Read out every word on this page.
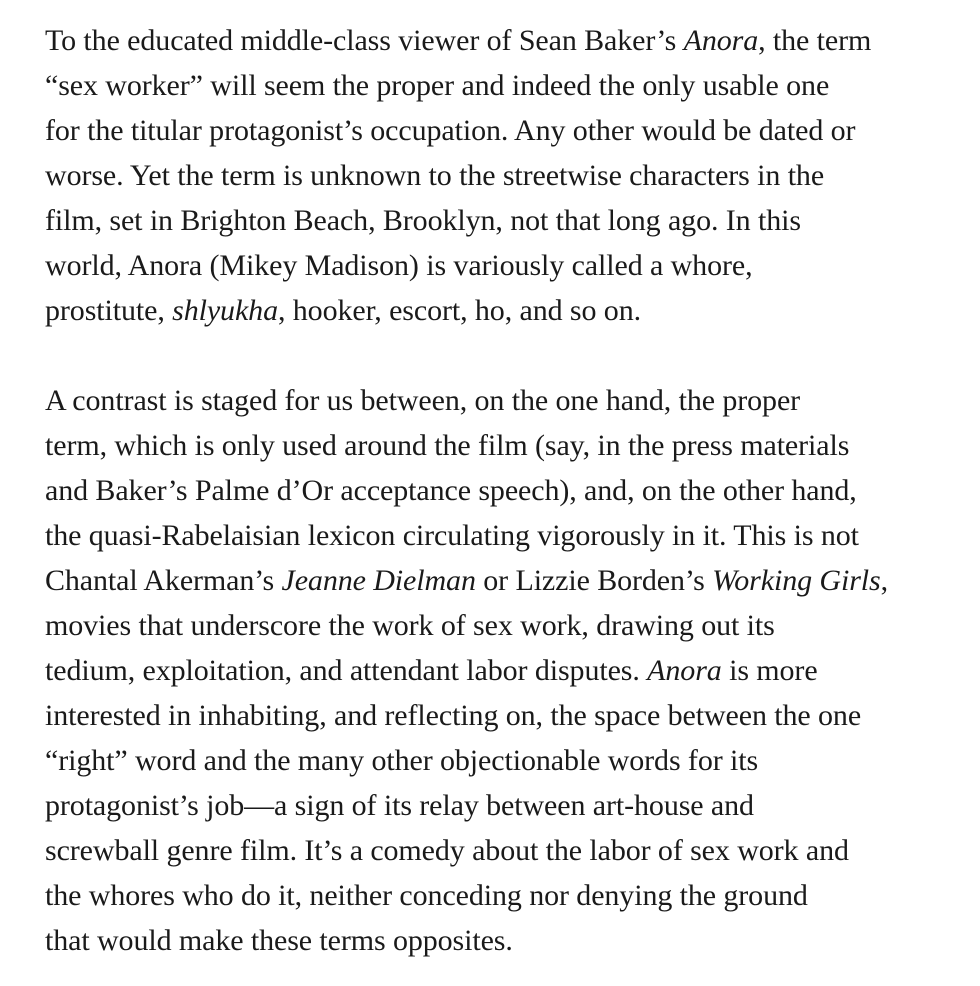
To the educated middle-class viewer of Sean Baker’s Anora, the term
“sex worker” will seem the proper and indeed the only usable one
for the titular protagonist’s occupation. Any other would be dated or
worse. Yet the term is unknown to the streetwise characters in the
film, set in Brighton Beach, Brooklyn, not that long ago. In this
world, Anora (Mikey Madison) is variously called a whore,
prostitute, shlyukha, hooker, escort, ho, and so on.

A contrast is staged for us between, on the one hand, the proper
term, which is only used around the film (say, in the press materials
and Baker’s Palme d’Or acceptance speech), and, on the other hand,
the quasi-Rabelaisian lexicon circulating vigorously in it. This is not
Chantal Akerman’s Jeanne Dielman or Lizzie Borden’s Working Girls,
movies that underscore the work of sex work, drawing out its
tedium, exploitation, and attendant labor disputes. Anora is more
interested in inhabiting, and reflecting on, the space between the one
“right” word and the many other objectionable words for its
protagonist’s job—a sign of its relay between art-house and
screwball genre film. It’s a comedy about the labor of sex work and
the whores who do it, neither conceding nor denying the ground
that would make these terms opposites.
